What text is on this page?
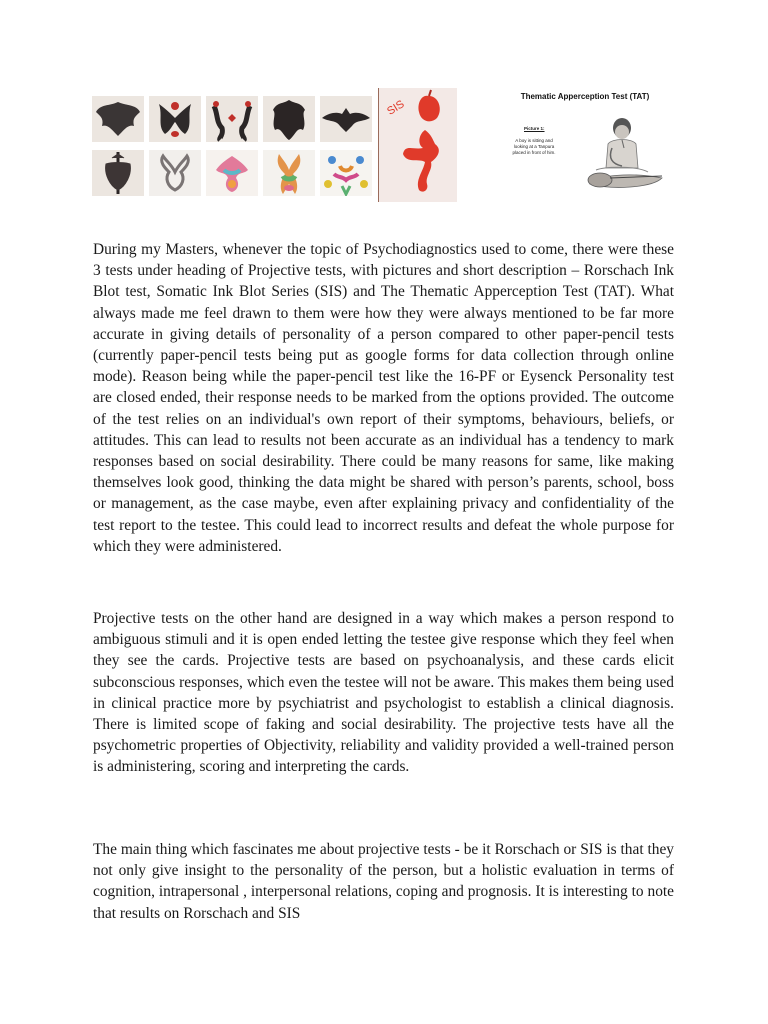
SIS
Thematic Apperception Test (TAT)
Picture 1:
A boy is sitting and looking at a Tanpura placed in front of him.

During my Masters, whenever the topic of Psychodiagnostics used to come, there were these 3 tests under heading of Projective tests, with pictures and short description – Rorschach Ink Blot test, Somatic Ink Blot Series (SIS) and The Thematic Apperception Test (TAT). What always made me feel drawn to them were how they were always mentioned to be far more accurate in giving details of personality of a person compared to other paper-pencil tests (currently paper-pencil tests being put as google forms for data collection through online mode). Reason being while the paper-pencil test like the 16-PF or Eysenck Personality test are closed ended, their response needs to be marked from the options provided. The outcome of the test relies on an individual's own report of their symptoms, behaviours, beliefs, or attitudes. This can lead to results not been accurate as an individual has a tendency to mark responses based on social desirability. There could be many reasons for same, like making themselves look good, thinking the data might be shared with person’s parents, school, boss or management, as the case maybe, even after explaining privacy and confidentiality of the test report to the testee. This could lead to incorrect results and defeat the whole purpose for which they were administered.

Projective tests on the other hand are designed in a way which makes a person respond to ambiguous stimuli and it is open ended letting the testee give response which they feel when they see the cards. Projective tests are based on psychoanalysis, and these cards elicit subconscious responses, which even the testee will not be aware. This makes them being used in clinical practice more by psychiatrist and psychologist to establish a clinical diagnosis. There is limited scope of faking and social desirability. The projective tests have all the psychometric properties of Objectivity, reliability and validity provided a well-trained person is administering, scoring and interpreting the cards.

The main thing which fascinates me about projective tests - be it Rorschach or SIS is that they not only give insight to the personality of the person, but a holistic evaluation in terms of cognition, intrapersonal , interpersonal relations, coping and prognosis. It is interesting to note that results on Rorschach and SIS
